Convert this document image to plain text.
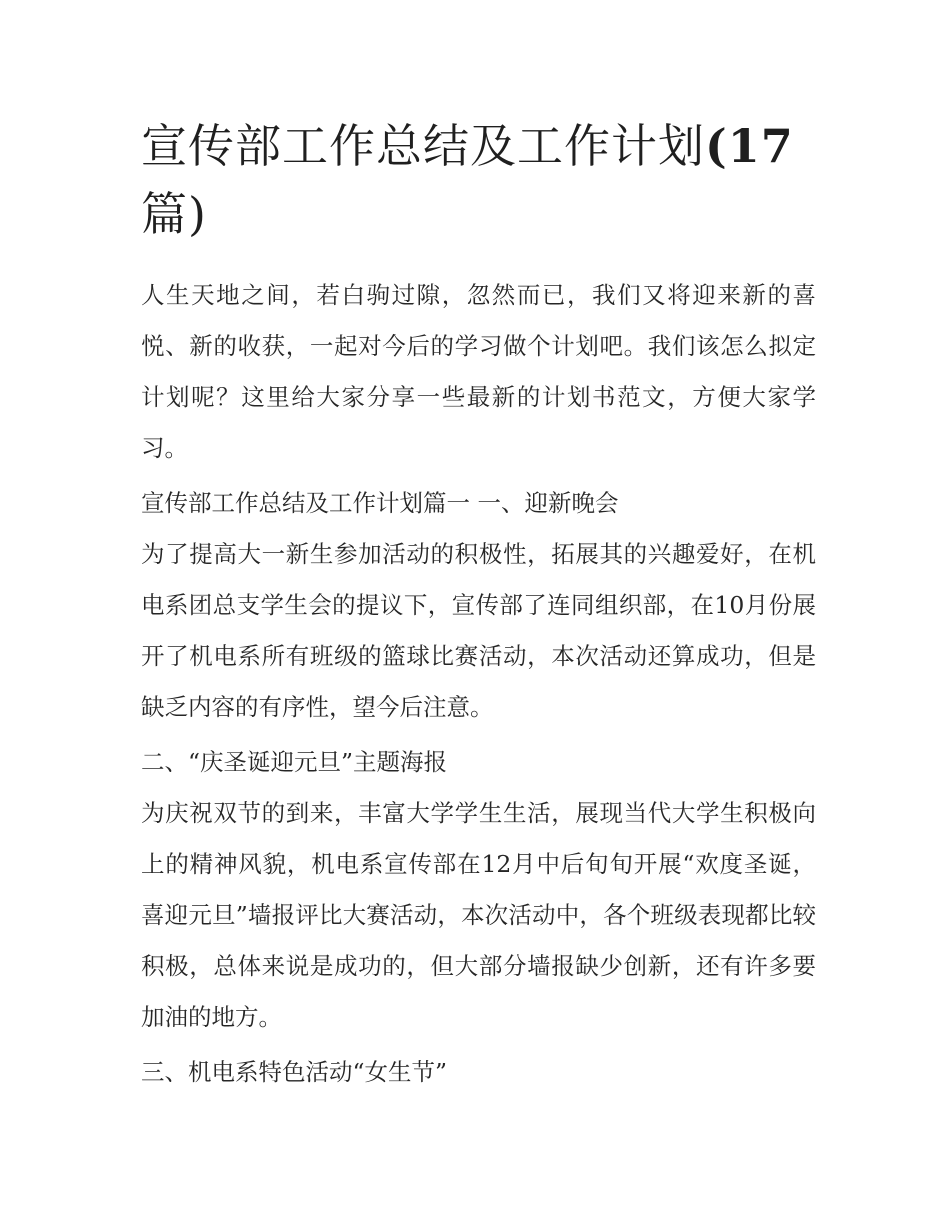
宣传部工作总结及工作计划(17
篇)

人生天地之间，若白驹过隙，忽然而已，我们又将迎来新的喜悦、新的收获，一起对今后的学习做个计划吧。我们该怎么拟定计划呢？这里给大家分享一些最新的计划书范文，方便大家学习。

宣传部工作总结及工作计划篇一 一、迎新晚会

为了提高大一新生参加活动的积极性，拓展其的兴趣爱好，在机电系团总支学生会的提议下，宣传部了连同组织部，在10月份展开了机电系所有班级的篮球比赛活动，本次活动还算成功，但是缺乏内容的有序性，望今后注意。

二、“庆圣诞迎元旦”主题海报

为庆祝双节的到来，丰富大学学生生活，展现当代大学生积极向上的精神风貌，机电系宣传部在12月中后旬旬开展“欢度圣诞，喜迎元旦”墙报评比大赛活动，本次活动中，各个班级表现都比较积极，总体来说是成功的，但大部分墙报缺少创新，还有许多要加油的地方。

三、机电系特色活动“女生节”
